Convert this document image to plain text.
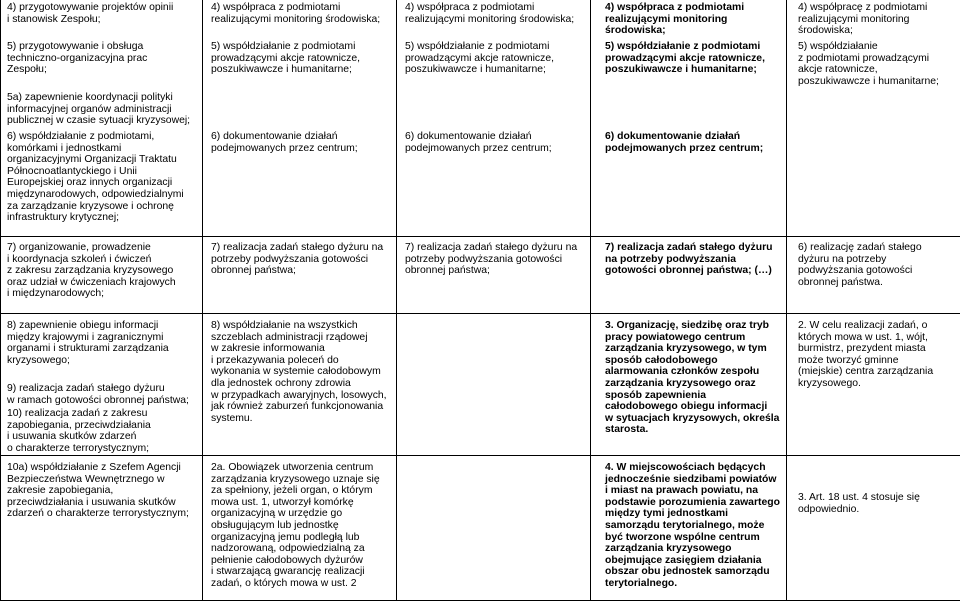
4) przygotowywanie projektów opinii
i stanowisk Zespołu;

5) przygotowywanie i obsługa
techniczno-organizacyjna prac
Zespołu;

5a) zapewnienie koordynacji polityki
informacyjnej organów administracji
publicznej w czasie sytuacji kryzysowej;

6) współdziałanie z podmiotami,
komórkami i jednostkami
organizacyjnymi Organizacji Traktatu
Północnoatlantyckiego i Unii
Europejskiej oraz innych organizacji
międzynarodowych, odpowiedzialnymi
za zarządzanie kryzysowe i ochronę
infrastruktury krytycznej;

7) organizowanie, prowadzenie
i koordynacja szkoleń i ćwiczeń
z zakresu zarządzania kryzysowego
oraz udział w ćwiczeniach krajowych
i międzynarodowych;

8) zapewnienie obiegu informacji
między krajowymi i zagranicznymi
organami i strukturami zarządzania
kryzysowego;

9) realizacja zadań stałego dyżuru
w ramach gotowości obronnej państwa;

10) realizacja zadań z zakresu
zapobiegania, przeciwdziałania
i usuwania skutków zdarzeń
o charakterze terrorystycznym;

10a) współdziałanie z Szefem Agencji
Bezpieczeństwa Wewnętrznego w
zakresie zapobiegania,
przeciwdziałania i usuwania skutków
zdarzeń o charakterze terrorystycznym;

4) współpraca z podmiotami
realizującymi monitoring środowiska;

5) współdziałanie z podmiotami
prowadzącymi akcje ratownicze,
poszukiwawcze i humanitarne;

6) dokumentowanie działań
podejmowanych przez centrum;

7) realizacja zadań stałego dyżuru na
potrzeby podwyższania gotowości
obronnej państwa;

8) współdziałanie na wszystkich
szczeblach administracji rządowej
w zakresie informowania
i przekazywania poleceń do
wykonania w systemie całodobowym
dla jednostek ochrony zdrowia
w przypadkach awaryjnych, losowych,
jak również zaburzeń funkcjonowania
systemu.

2a. Obowiązek utworzenia centrum
zarządzania kryzysowego uznaje się
za spełniony, jeżeli organ, o którym
mowa ust. 1, utworzył komórkę
organizacyjną w urzędzie go
obsługującym lub jednostkę
organizacyjną jemu podległą lub
nadzorowaną, odpowiedzialną za
pełnienie całodobowych dyżurów
i stwarzającą gwarancję realizacji
zadań, o których mowa w ust. 2

4) współpraca z podmiotami
realizującymi monitoring środowiska;

5) współdziałanie z podmiotami
prowadzącymi akcje ratownicze,
poszukiwawcze i humanitarne;

6) dokumentowanie działań
podejmowanych przez centrum;

7) realizacja zadań stałego dyżuru na
potrzeby podwyższania gotowości
obronnej państwa;

4) współpraca z podmiotami
realizującymi monitoring
środowiska;

5) współdziałanie z podmiotami
prowadzącymi akcje ratownicze,
poszukiwawcze i humanitarne;

6) dokumentowanie działań
podejmowanych przez centrum;

7) realizacja zadań stałego dyżuru
na potrzeby podwyższania
gotowości obronnej państwa; (…)

3. Organizację, siedzibę oraz tryb
pracy powiatowego centrum
zarządzania kryzysowego, w tym
sposób całodobowego
alarmowania członków zespołu
zarządzania kryzysowego oraz
sposób zapewnienia
całodobowego obiegu informacji
w sytuacjach kryzysowych, określa
starosta.

4. W miejscowościach będących
jednocześnie siedzibami powiatów
i miast na prawach powiatu, na
podstawie porozumienia zawartego
między tymi jednostkami
samorządu terytorialnego, może
być tworzone wspólne centrum
zarządzania kryzysowego
obejmujące zasięgiem działania
obszar obu jednostek samorządu
terytorialnego.

4) współpracę z podmiotami
realizującymi monitoring
środowiska;

5) współdziałanie
z podmiotami prowadzącymi
akcje ratownicze,
poszukiwawcze i humanitarne;

6) realizację zadań stałego
dyżuru na potrzeby
podwyższania gotowości
obronnej państwa.

2. W celu realizacji zadań, o
których mowa w ust. 1, wójt,
burmistrz, prezydent miasta
może tworzyć gminne
(miejskie) centra zarządzania
kryzysowego.

3. Art. 18 ust. 4 stosuje się
odpowiednio.
